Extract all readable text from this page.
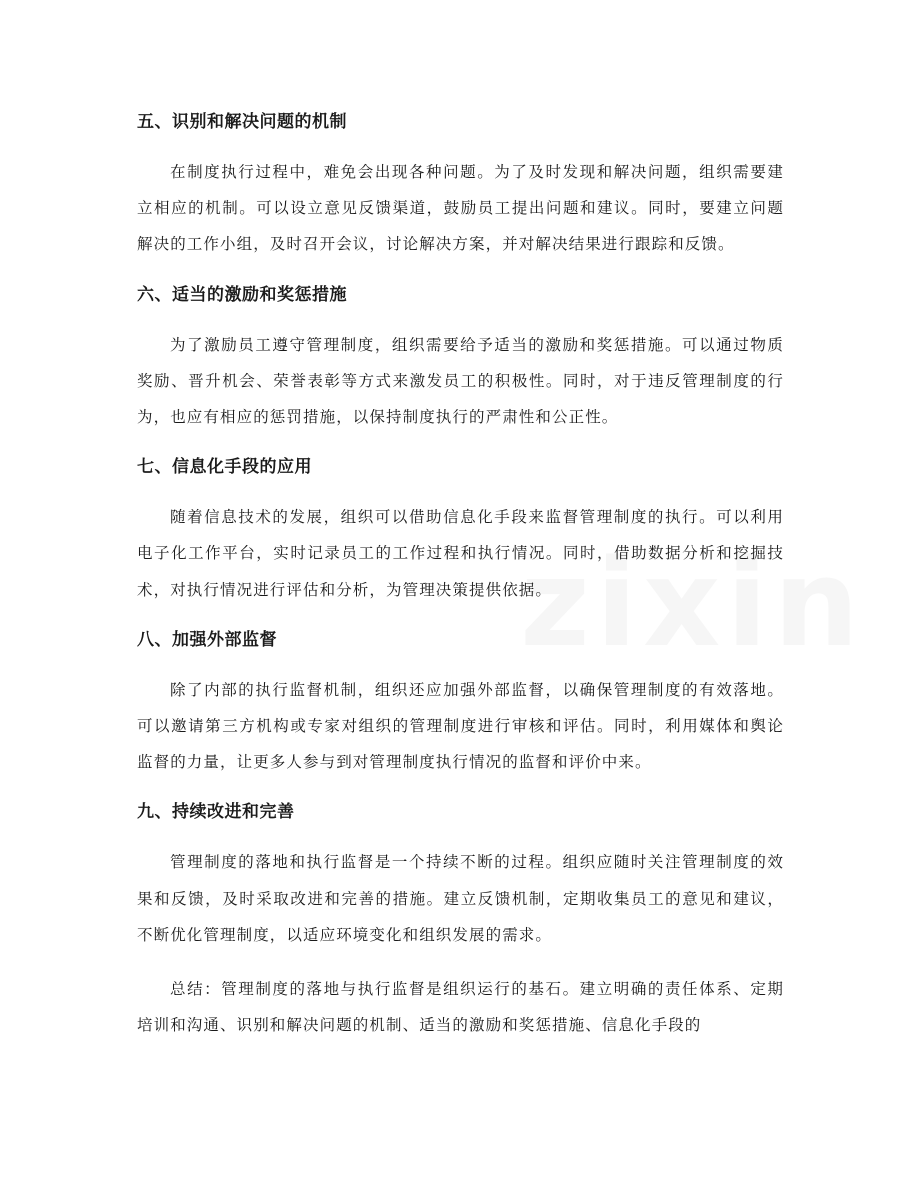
五、识别和解决问题的机制

在制度执行过程中，难免会出现各种问题。为了及时发现和解决问题，组织需要建立相应的机制。可以设立意见反馈渠道，鼓励员工提出问题和建议。同时，要建立问题解决的工作小组，及时召开会议，讨论解决方案，并对解决结果进行跟踪和反馈。

六、适当的激励和奖惩措施

为了激励员工遵守管理制度，组织需要给予适当的激励和奖惩措施。可以通过物质奖励、晋升机会、荣誉表彰等方式来激发员工的积极性。同时，对于违反管理制度的行为，也应有相应的惩罚措施，以保持制度执行的严肃性和公正性。

七、信息化手段的应用

随着信息技术的发展，组织可以借助信息化手段来监督管理制度的执行。可以利用电子化工作平台，实时记录员工的工作过程和执行情况。同时，借助数据分析和挖掘技术，对执行情况进行评估和分析，为管理决策提供依据。

八、加强外部监督

除了内部的执行监督机制，组织还应加强外部监督，以确保管理制度的有效落地。可以邀请第三方机构或专家对组织的管理制度进行审核和评估。同时，利用媒体和舆论监督的力量，让更多人参与到对管理制度执行情况的监督和评价中来。

九、持续改进和完善

管理制度的落地和执行监督是一个持续不断的过程。组织应随时关注管理制度的效果和反馈，及时采取改进和完善的措施。建立反馈机制，定期收集员工的意见和建议，不断优化管理制度，以适应环境变化和组织发展的需求。

总结：管理制度的落地与执行监督是组织运行的基石。建立明确的责任体系、定期培训和沟通、识别和解决问题的机制、适当的激励和奖惩措施、信息化手段的
